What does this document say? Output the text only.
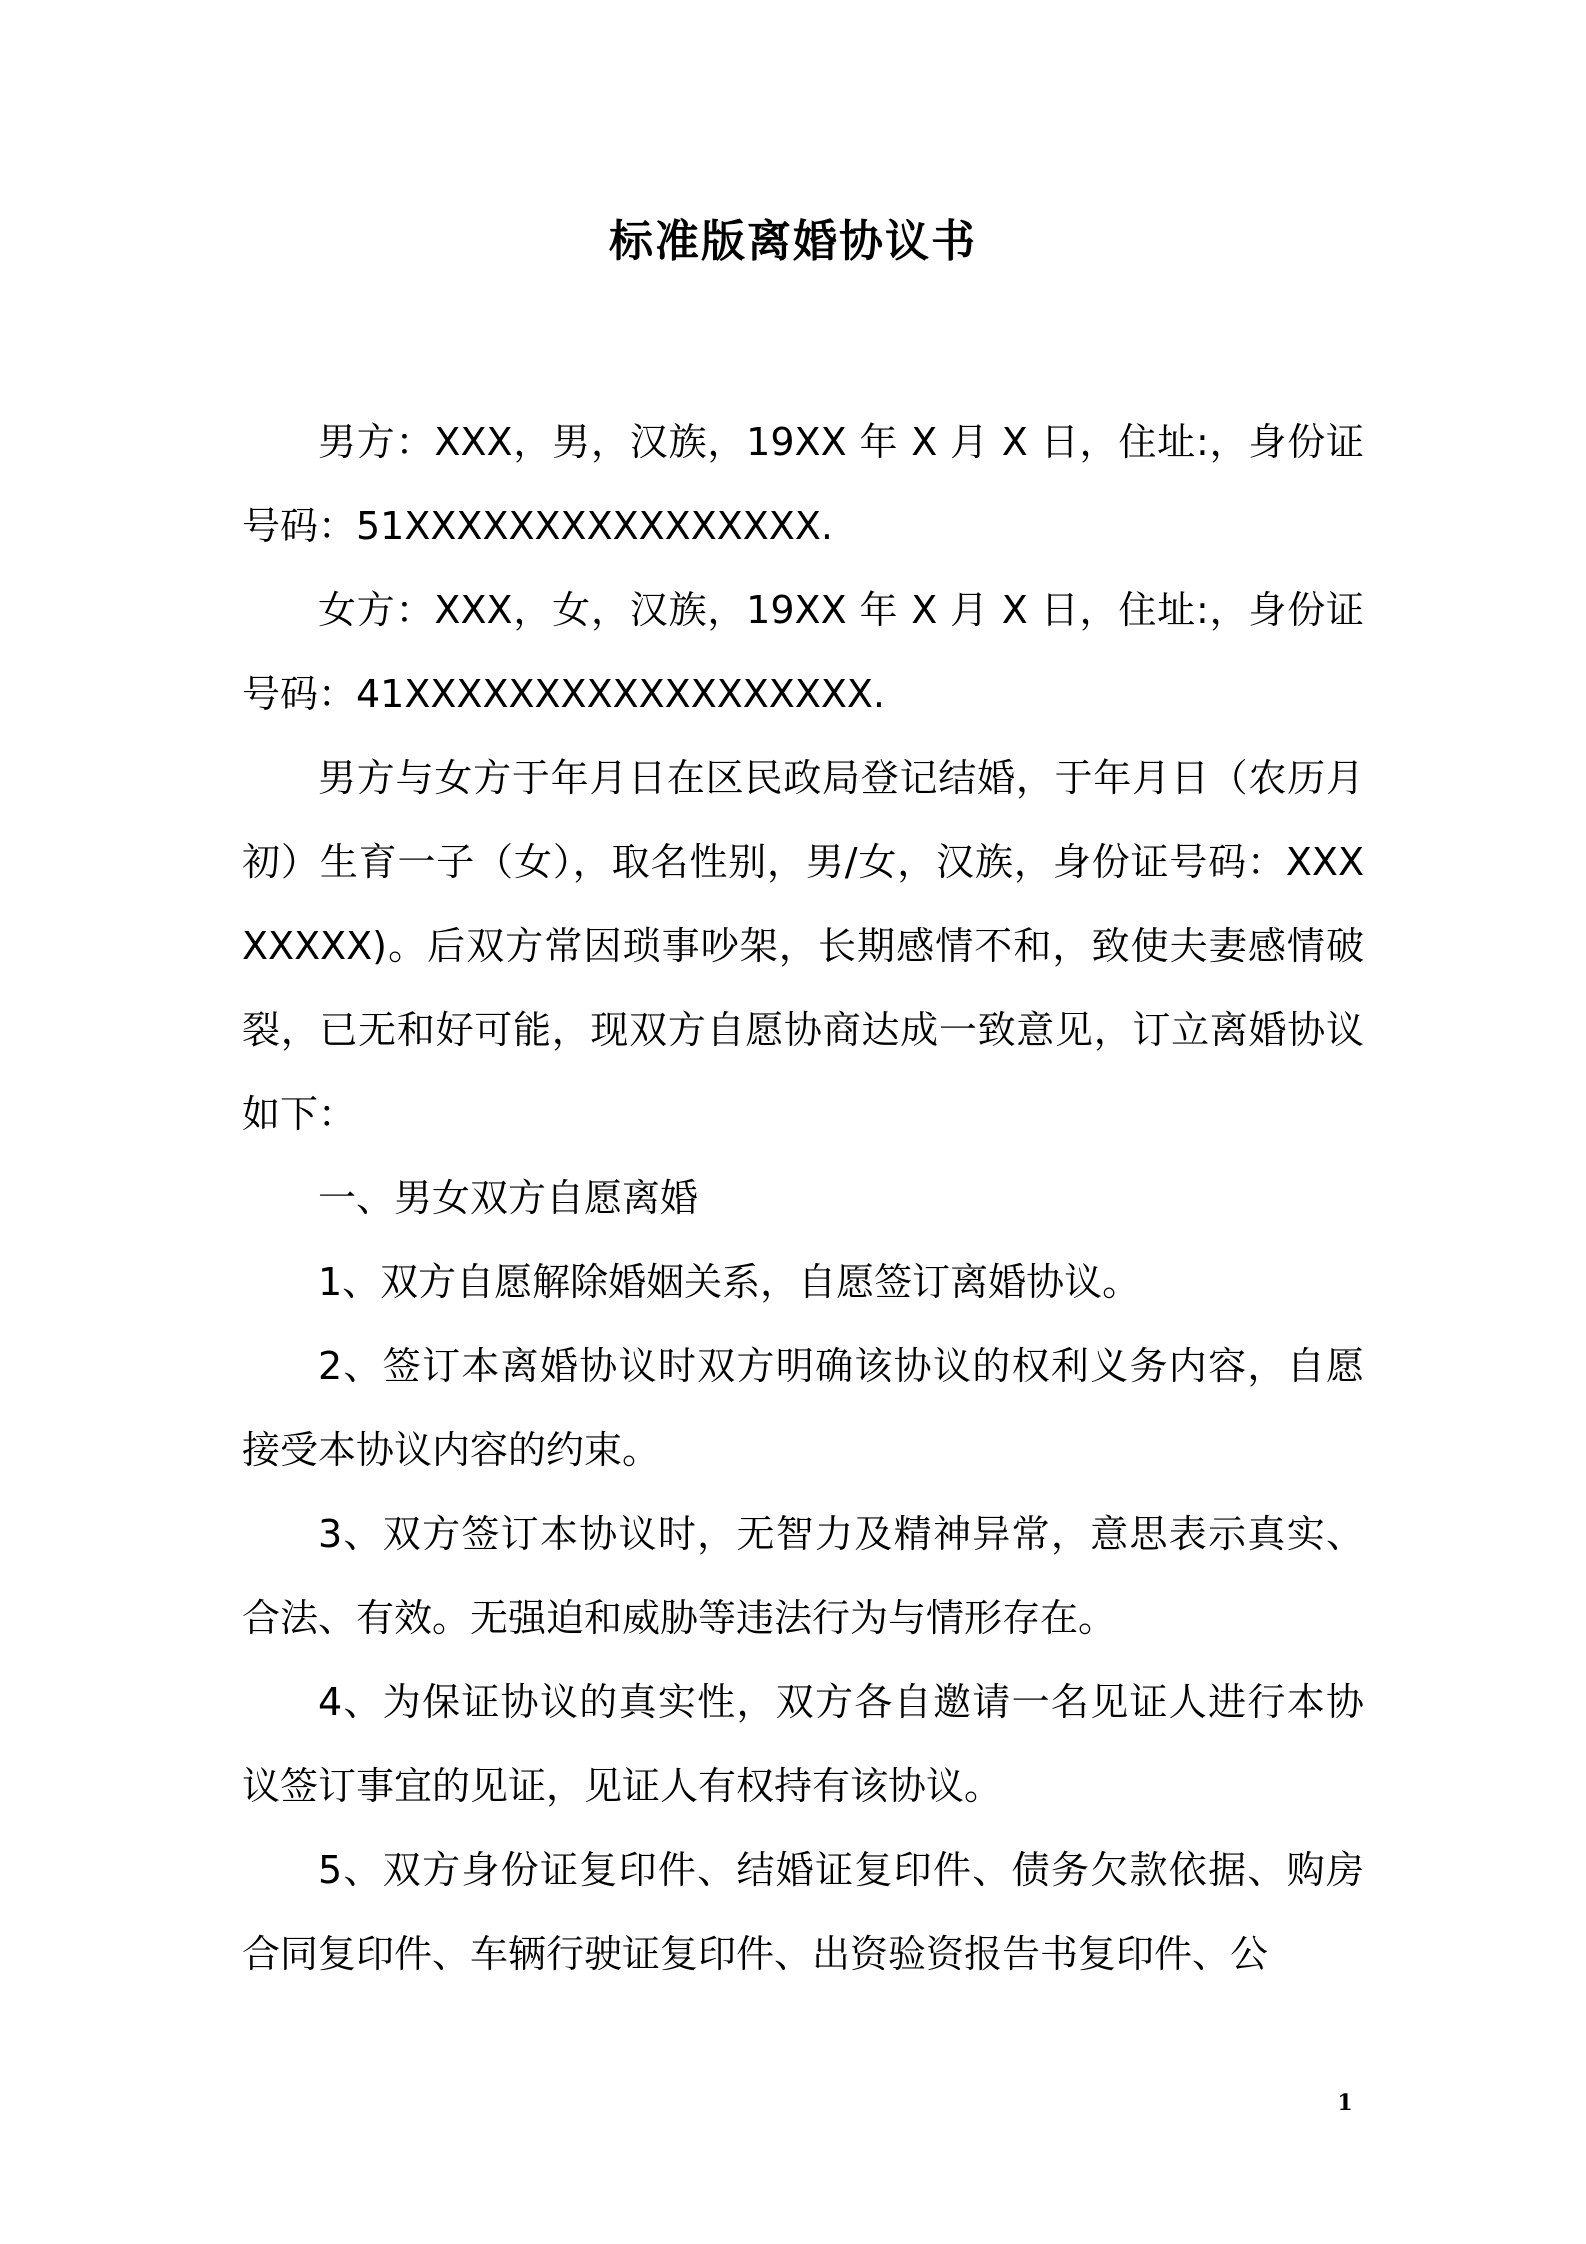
标准版离婚协议书

男方：XXX，男，汉族，19XX 年 X 月 X 日，住址:，身份证号码：51XXXXXXXXXXXXXXXX.

女方：XXX，女，汉族，19XX 年 X 月 X 日，住址:，身份证号码：41XXXXXXXXXXXXXXXXXX.

男方与女方于年月日在区民政局登记结婚，于年月日（农历月初）生育一子（女），取名性别，男/女，汉族，身份证号码：XXXXXXXX)。后双方常因琐事吵架，长期感情不和，致使夫妻感情破裂，已无和好可能，现双方自愿协商达成一致意见，订立离婚协议如下：

一、男女双方自愿离婚

1、双方自愿解除婚姻关系，自愿签订离婚协议。

2、签订本离婚协议时双方明确该协议的权利义务内容，自愿接受本协议内容的约束。

3、双方签订本协议时，无智力及精神异常，意思表示真实、合法、有效。无强迫和威胁等违法行为与情形存在。

4、为保证协议的真实性，双方各自邀请一名见证人进行本协议签订事宜的见证，见证人有权持有该协议。

5、双方身份证复印件、结婚证复印件、债务欠款依据、购房合同复印件、车辆行驶证复印件、出资验资报告书复印件、公

1
